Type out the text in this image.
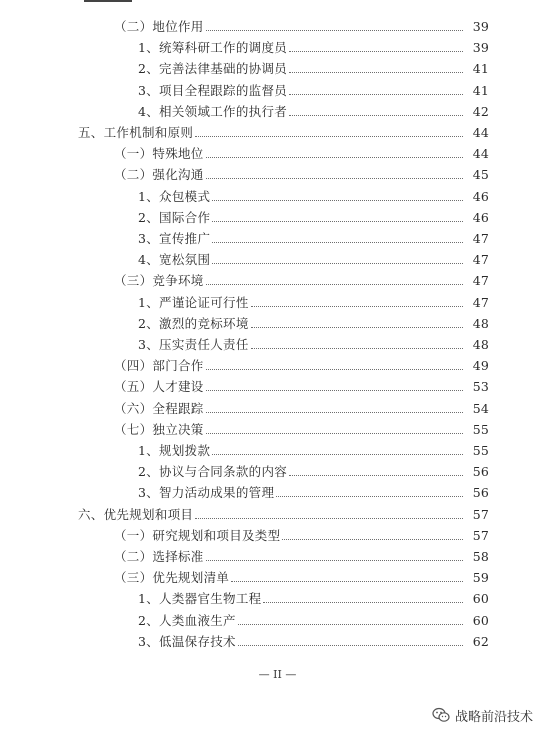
（二）地位作用	39
1、统筹科研工作的调度员	39
2、完善法律基础的协调员	41
3、项目全程跟踪的监督员	41
4、相关领域工作的执行者	42
五、工作机制和原则	44
（一）特殊地位	44
（二）强化沟通	45
1、众包模式	46
2、国际合作	46
3、宣传推广	47
4、宽松氛围	47
（三）竞争环境	47
1、严谨论证可行性	47
2、激烈的竞标环境	48
3、压实责任人责任	48
（四）部门合作	49
（五）人才建设	53
（六）全程跟踪	54
（七）独立决策	55
1、规划拨款	55
2、协议与合同条款的内容	56
3、智力活动成果的管理	56
六、优先规划和项目	57
（一）研究规划和项目及类型	57
（二）选择标准	58
（三）优先规划清单	59
1、人类器官生物工程	60
2、人类血液生产	60
3、低温保存技术	62
— II —
战略前沿技术
